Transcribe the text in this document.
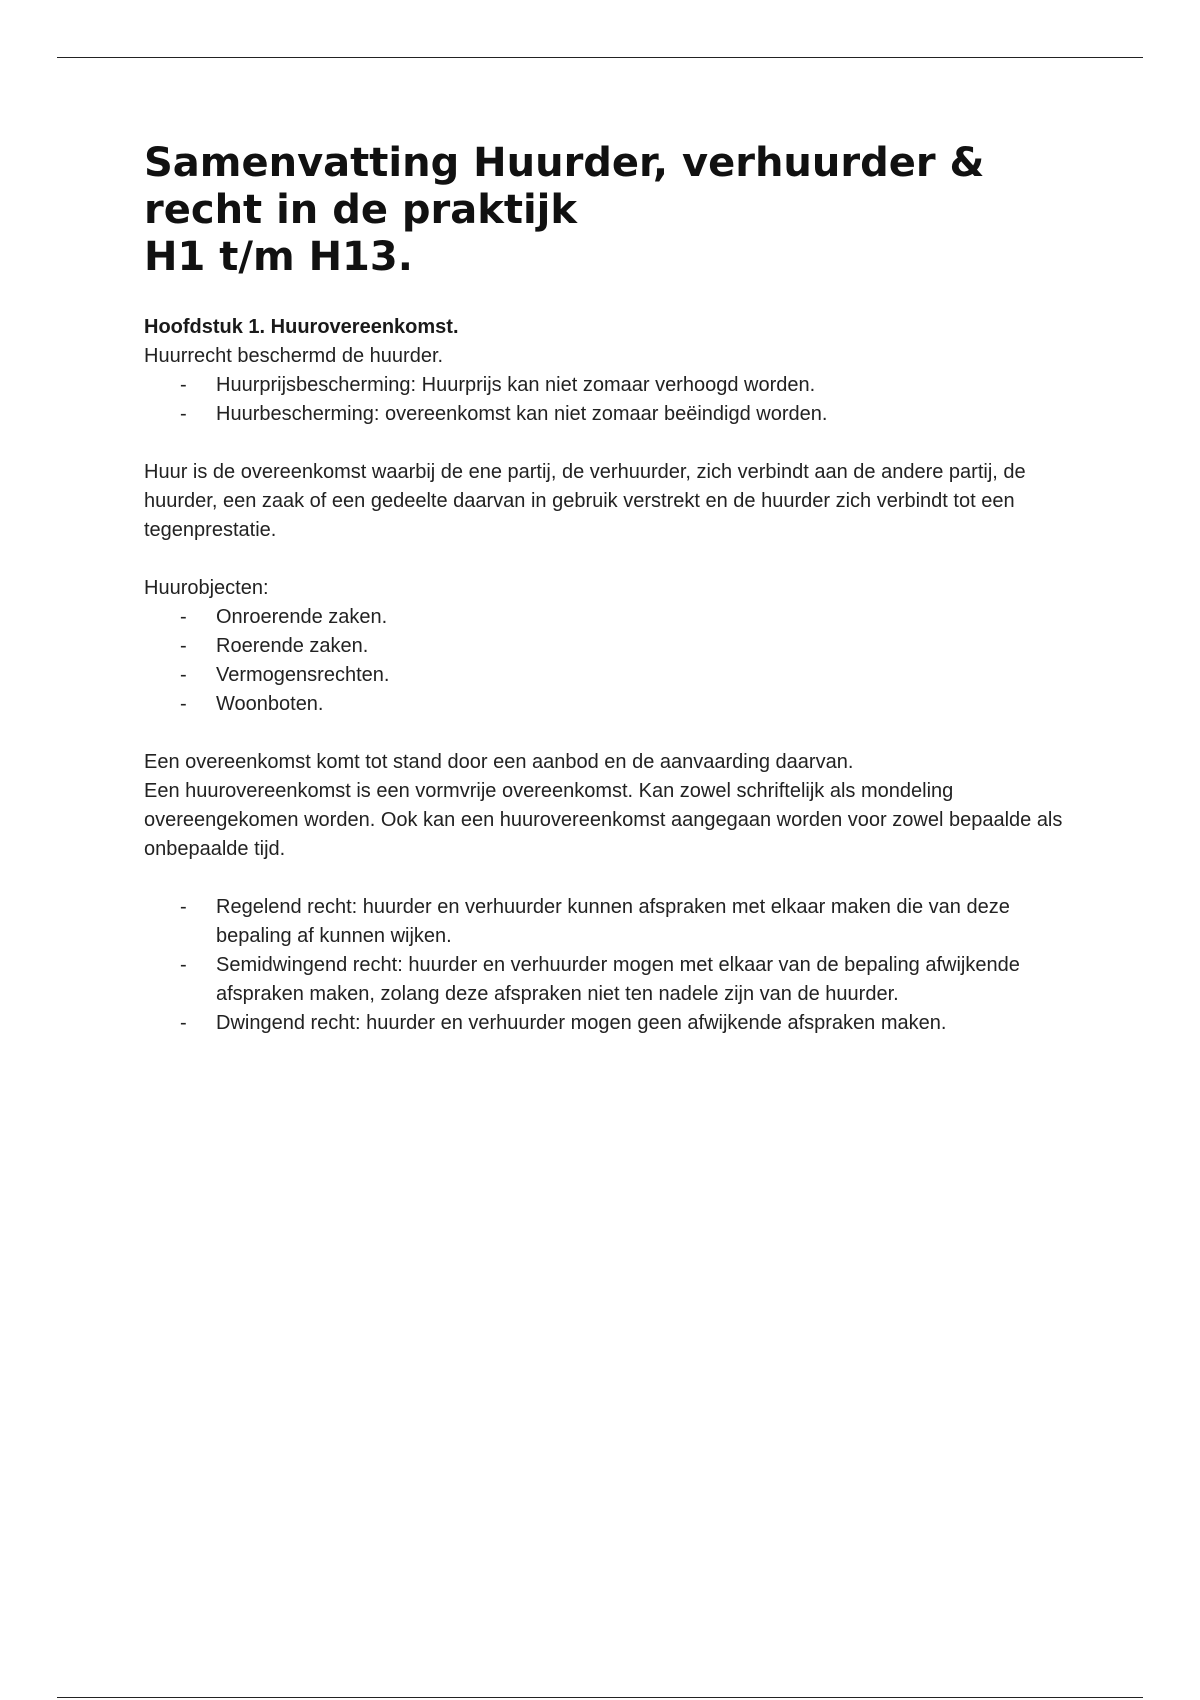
Samenvatting Huurder, verhuurder &
recht in de praktijk
H1 t/m H13.
Hoofdstuk 1. Huurovereenkomst.

Huurrecht beschermd de huurder.

- Huurprijsbescherming: Huurprijs kan niet zomaar verhoogd worden.
- Huurbescherming: overeenkomst kan niet zomaar beëindigd worden.

Huur is de overeenkomst waarbij de ene partij, de verhuurder, zich verbindt aan de andere partij, de huurder, een zaak of een gedeelte daarvan in gebruik verstrekt en de huurder zich verbindt tot een tegenprestatie.

Huurobjecten:

- Onroerende zaken.
- Roerende zaken.
- Vermogensrechten.
- Woonboten.

Een overeenkomst komt tot stand door een aanbod en de aanvaarding daarvan.

Een huurovereenkomst is een vormvrije overeenkomst. Kan zowel schriftelijk als mondeling overeengekomen worden. Ook kan een huurovereenkomst aangegaan worden voor zowel bepaalde als onbepaalde tijd.

- Regelend recht: huurder en verhuurder kunnen afspraken met elkaar maken die van deze bepaling af kunnen wijken.
- Semidwingend recht: huurder en verhuurder mogen met elkaar van de bepaling afwijkende afspraken maken, zolang deze afspraken niet ten nadele zijn van de huurder.
- Dwingend recht: huurder en verhuurder mogen geen afwijkende afspraken maken.
